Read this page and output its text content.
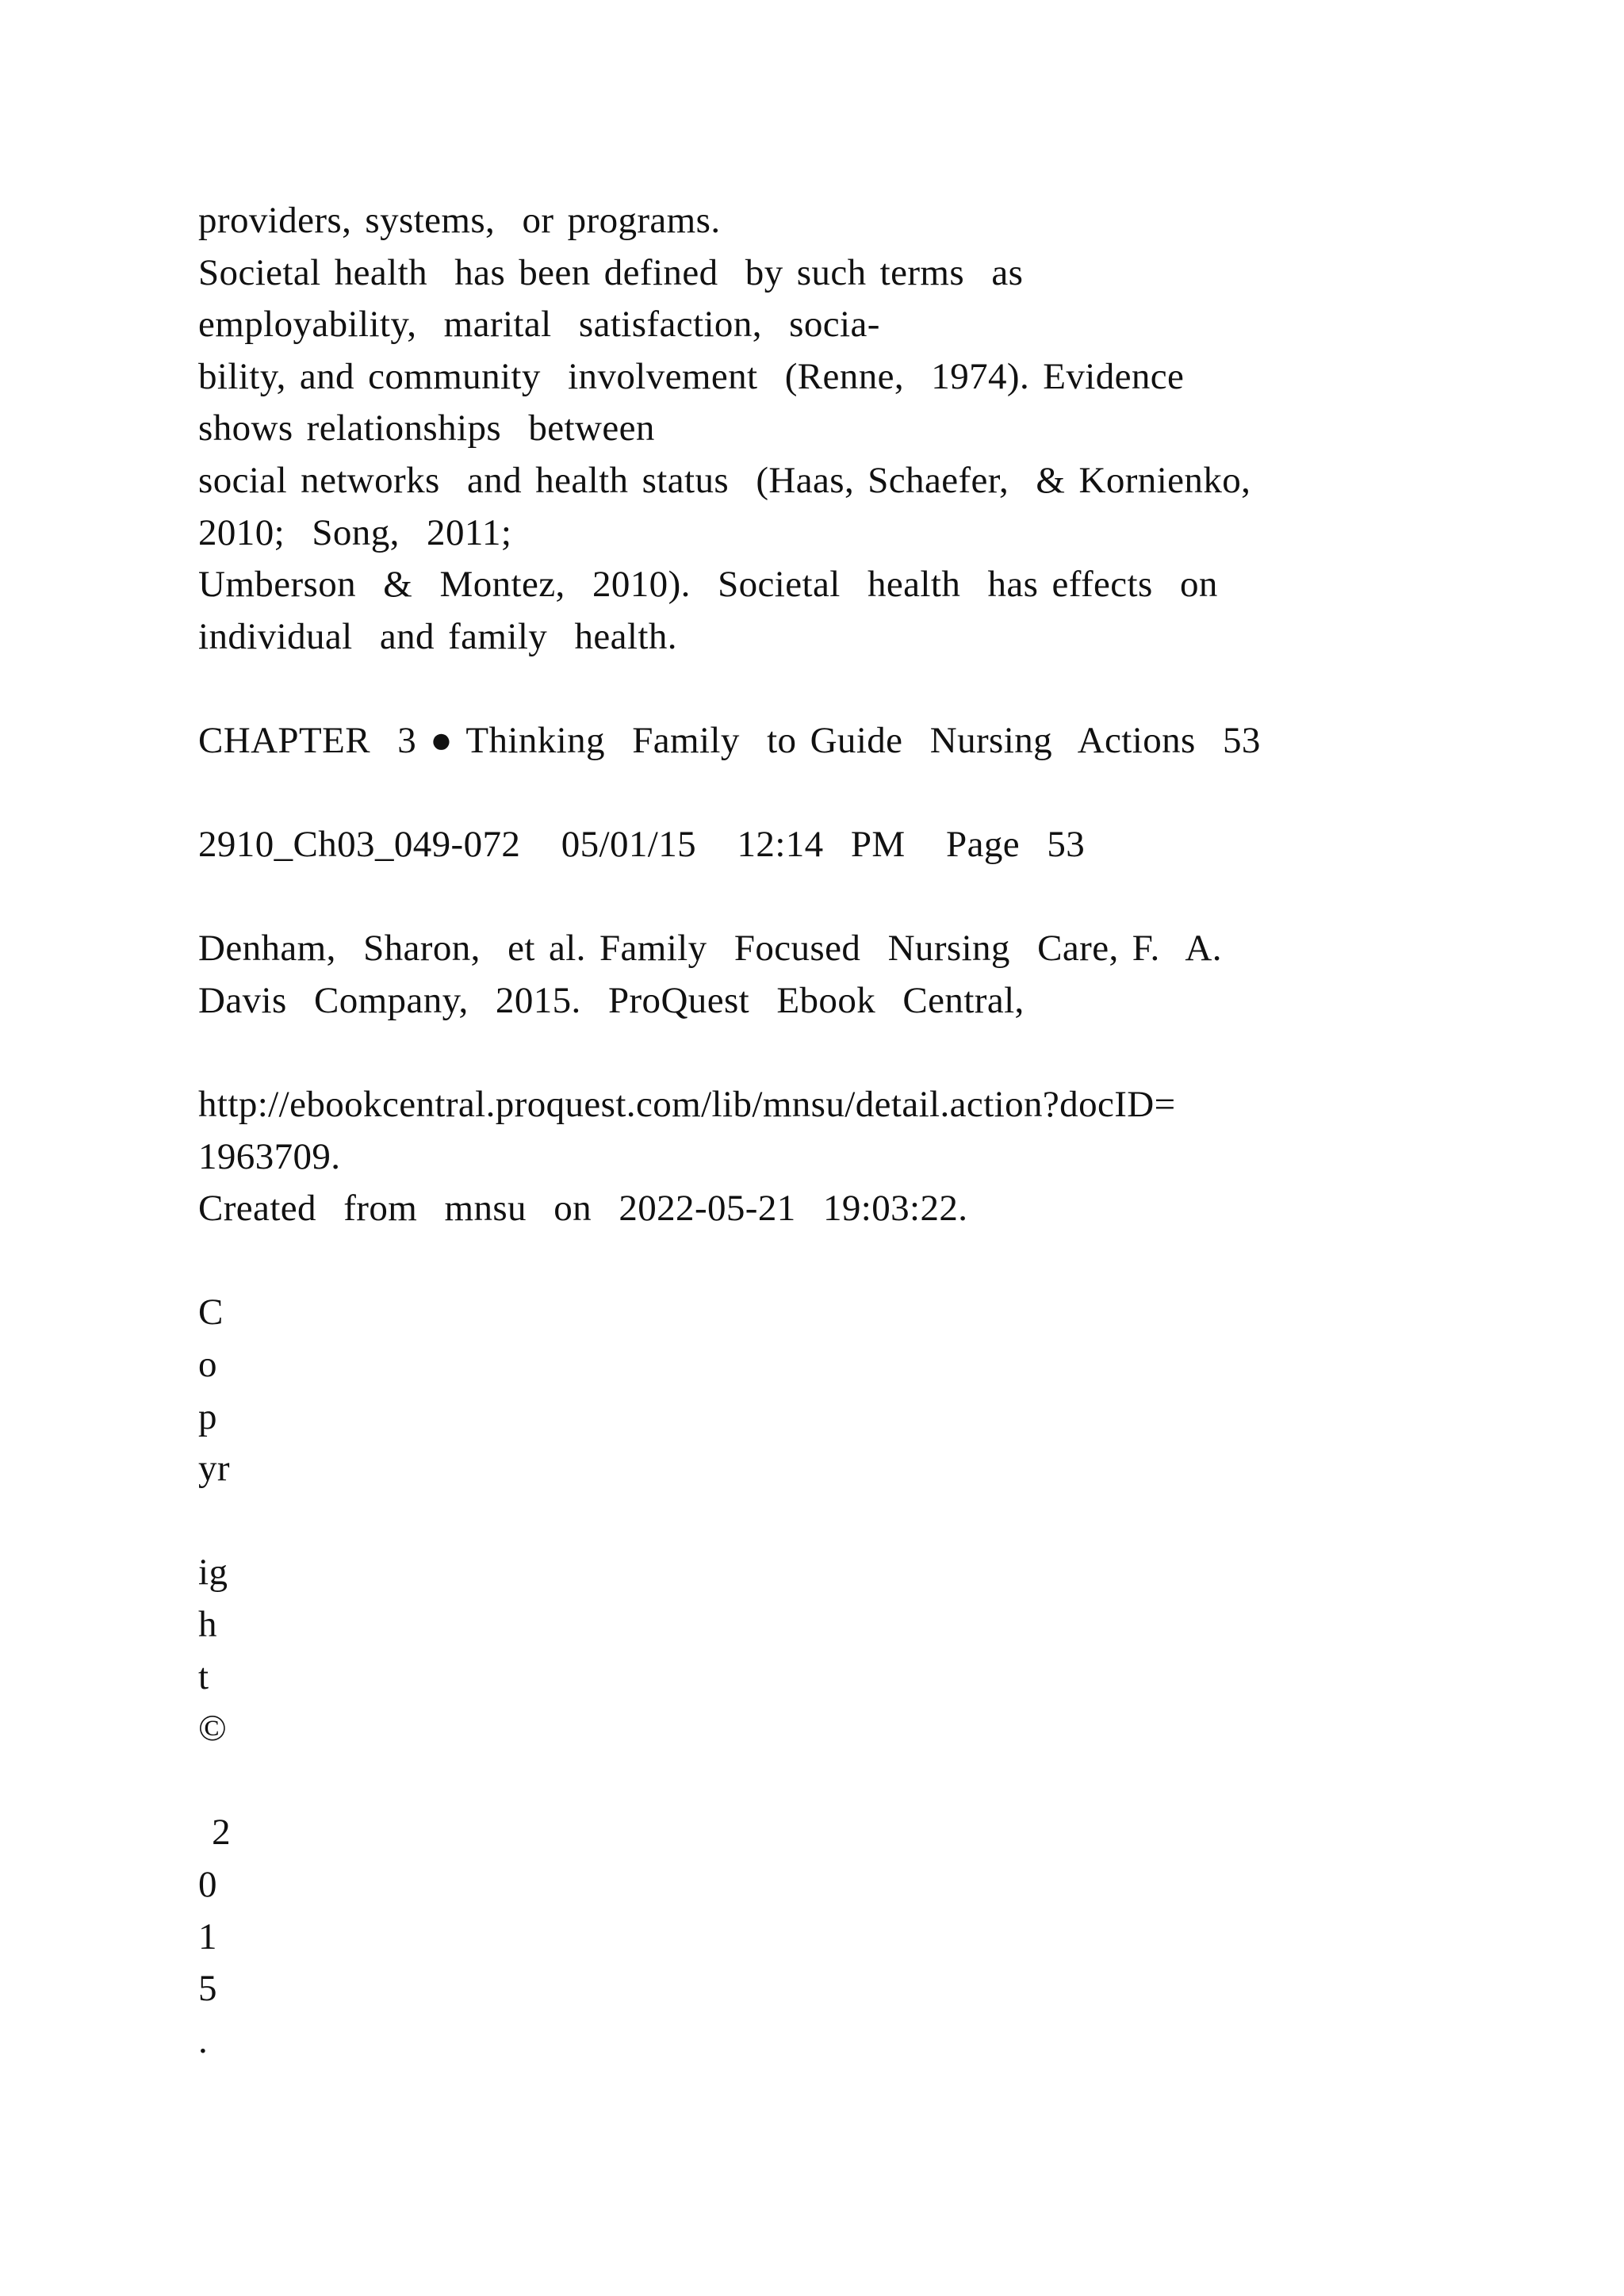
providers, systems,  or programs.
Societal health  has been defined  by such terms  as
employability,  marital  satisfaction,  socia-
bility, and community  involvement  (Renne,  1974). Evidence
shows relationships  between
social networks  and health status  (Haas, Schaefer,  & Kornienko,
2010;  Song,  2011;
Umberson  &  Montez,  2010).  Societal  health  has effects  on
individual  and family  health.
CHAPTER  3 ● Thinking  Family  to Guide  Nursing  Actions  53
2910_Ch03_049-072   05/01/15   12:14  PM   Page  53
Denham,  Sharon,  et al. Family  Focused  Nursing  Care, F.  A.
Davis  Company,  2015.  ProQuest  Ebook  Central,
http://ebookcentral.proquest.com/lib/mnsu/detail.action?docID=
1963709.
Created  from  mnsu  on  2022-05-21  19:03:22.
C
o
p
yr
ig
h
t
©
2
0
1
5
.
